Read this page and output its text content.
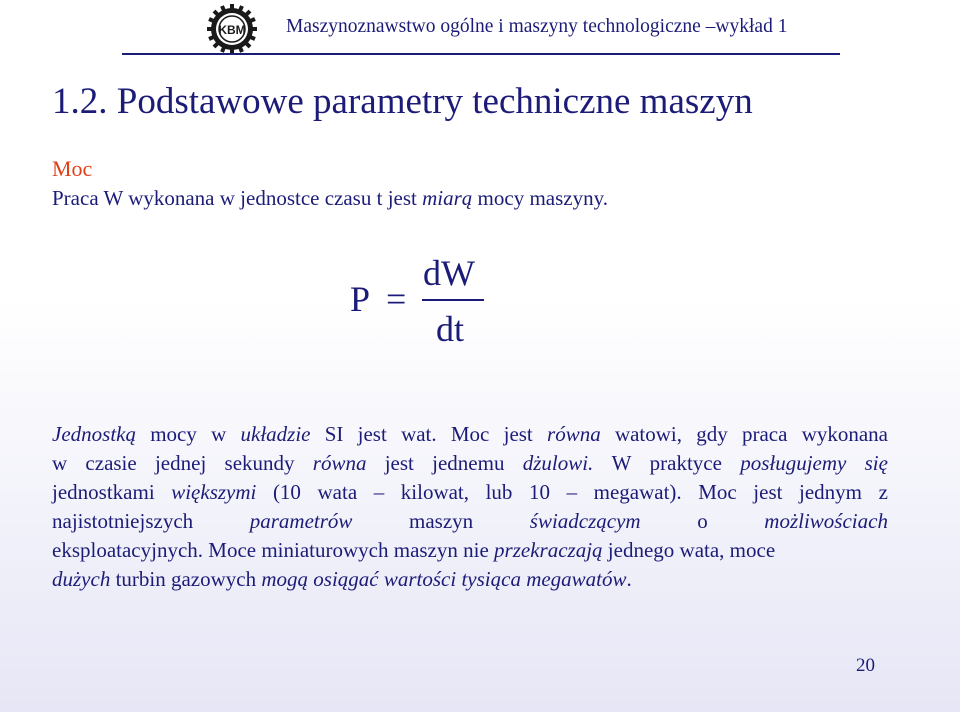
KBM Maszynoznawstwo ogólne i maszyny technologiczne –wykład 1
1.2. Podstawowe parametry techniczne maszyn
Moc
Praca W wykonana w jednostce czasu t jest miarą mocy maszyny.
P =
dW
dt
Jednostką mocy w układzie SI jest wat. Moc jest równa watowi, gdy praca wykonana
w czasie jednej sekundy równa jest jednemu dżulowi. W praktyce posługujemy się
jednostkami większymi (10 wata – kilowat, lub 10 – megawat). Moc jest jednym z
najistotniejszych	parametrów	maszyn	świadczącym	o	możliwościach
eksploatacyjnych. Moce miniaturowych maszyn nie przekraczają jednego wata, moce
dużych turbin gazowych mogą osiągać wartości tysiąca megawatów.
20
